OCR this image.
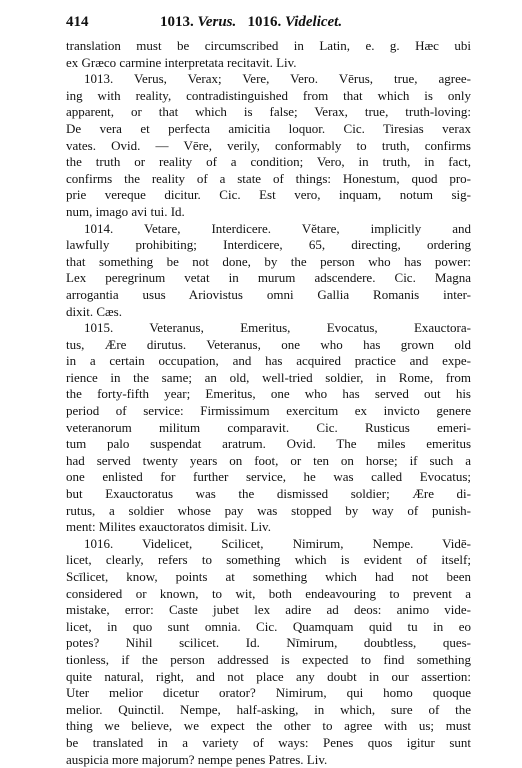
414	1013. Verus. 1016. Videlicet.
translation must be circumscribed in Latin, e. g. Hæc ubi
ex Græco carmine interpretata recitavit. Liv.
1013. Verus, Verax; Vere, Vero. Vērus, true, agree-
ing with reality, contradistinguished from that which is only
apparent, or that which is false; Verax, true, truth-loving:
De vera et perfecta amicitia loquor. Cic. Tiresias verax
vates. Ovid. — Vēre, verily, conformably to truth, confirms
the truth or reality of a condition; Vero, in truth, in fact,
confirms the reality of a state of things: Honestum, quod pro-
prie vereque dicitur. Cic. Est vero, inquam, notum sig-
num, imago avi tui. Id.
1014. Vetare, Interdicere. Vĕtare, implicitly and
lawfully prohibiting; Interdicere, 65, directing, ordering
that something be not done, by the person who has power:
Lex peregrinum vetat in murum adscendere. Cic. Magna
arrogantia usus Ariovistus omni Gallia Romanis inter-
dixit. Cæs.
1015. Veteranus, Emeritus, Evocatus, Exauctora-
tus, Ære dirutus. Veteranus, one who has grown old
in a certain occupation, and has acquired practice and expe-
rience in the same; an old, well-tried soldier, in Rome, from
the forty-fifth year; Emeritus, one who has served out his
period of service: Firmissimum exercitum ex invicto genere
veteranorum militum comparavit. Cic. Rusticus emeri-
tum palo suspendat aratrum. Ovid. The miles emeritus
had served twenty years on foot, or ten on horse; if such a
one enlisted for further service, he was called Evocatus;
but Exauctoratus was the dismissed soldier; Ære di-
rutus, a soldier whose pay was stopped by way of punish-
ment: Milites exauctoratos dimisit. Liv.
1016. Videlicet, Scilicet, Nimirum, Nempe. Vidē-
licet, clearly, refers to something which is evident of itself;
Scīlicet, know, points at something which had not been
considered or known, to wit, both endeavouring to prevent a
mistake, error: Caste jubet lex adire ad deos: animo vide-
licet, in quo sunt omnia. Cic. Quamquam quid tu in eo
potes? Nihil scilicet. Id. Nīmirum, doubtless, ques-
tionless, if the person addressed is expected to find something
quite natural, right, and not place any doubt in our assertion:
Uter melior dicetur orator? Nimirum, qui homo quoque
melior. Quinctil. Nempe, half-asking, in which, sure of the
thing we believe, we expect the other to agree with us; must
be translated in a variety of ways: Penes quos igitur sunt
auspicia more majorum? nempe penes Patres. Liv.
